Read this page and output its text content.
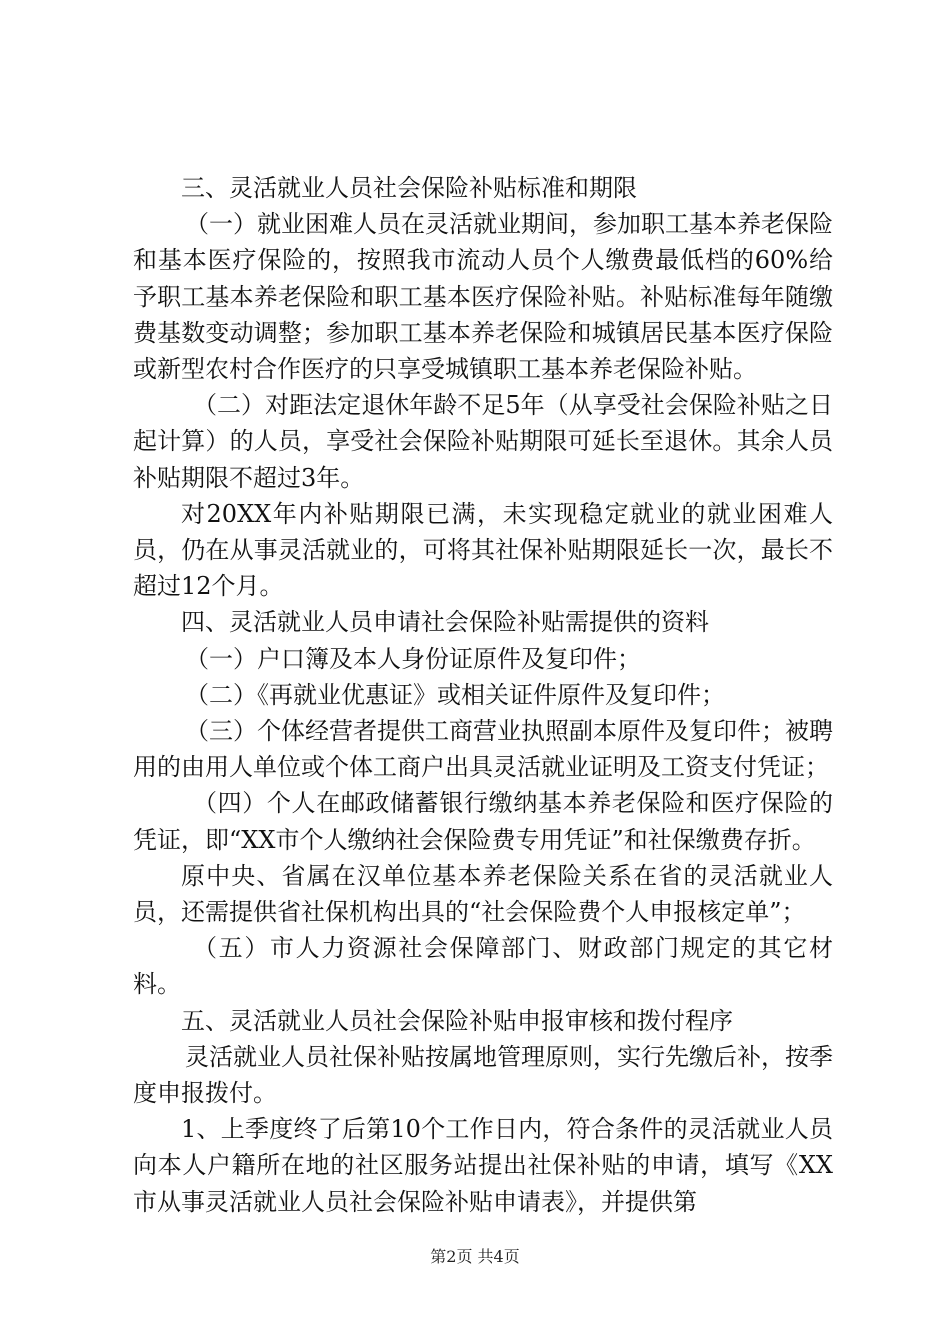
三、灵活就业人员社会保险补贴标准和期限

（一）就业困难人员在灵活就业期间，参加职工基本养老保险和基本医疗保险的，按照我市流动人员个人缴费最低档的60%给予职工基本养老保险和职工基本医疗保险补贴。补贴标准每年随缴费基数变动调整；参加职工基本养老保险和城镇居民基本医疗保险或新型农村合作医疗的只享受城镇职工基本养老保险补贴。

（二）对距法定退休年龄不足5年（从享受社会保险补贴之日起计算）的人员，享受社会保险补贴期限可延长至退休。其余人员补贴期限不超过3年。

对20XX年内补贴期限已满，未实现稳定就业的就业困难人员，仍在从事灵活就业的，可将其社保补贴期限延长一次，最长不超过12个月。

四、灵活就业人员申请社会保险补贴需提供的资料

（一）户口簿及本人身份证原件及复印件；

（二）《再就业优惠证》或相关证件原件及复印件；

（三）个体经营者提供工商营业执照副本原件及复印件；被聘用的由用人单位或个体工商户出具灵活就业证明及工资支付凭证；

（四）个人在邮政储蓄银行缴纳基本养老保险和医疗保险的凭证，即“XX市个人缴纳社会保险费专用凭证”和社保缴费存折。

原中央、省属在汉单位基本养老保险关系在省的灵活就业人员，还需提供省社保机构出具的“社会保险费个人申报核定单”；

（五）市人力资源社会保障部门、财政部门规定的其它材料。

五、灵活就业人员社会保险补贴申报审核和拨付程序

灵活就业人员社保补贴按属地管理原则，实行先缴后补，按季度申报拨付。

1、上季度终了后第10个工作日内，符合条件的灵活就业人员向本人户籍所在地的社区服务站提出社保补贴的申请，填写《XX市从事灵活就业人员社会保险补贴申请表》，并提供第

第2页 共4页
